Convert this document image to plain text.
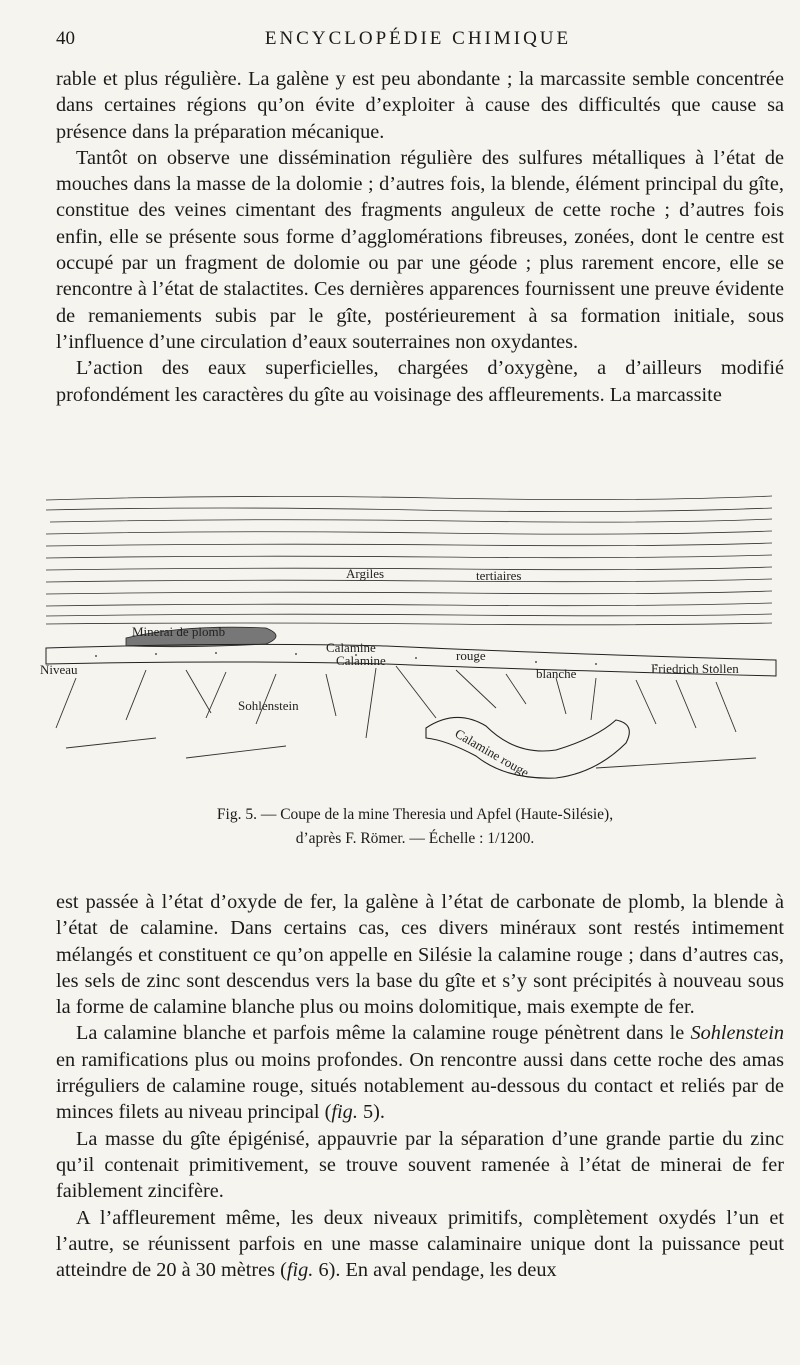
40	ENCYCLOPÉDIE CHIMIQUE

rable et plus régulière. La galène y est peu abondante ; la marcassite semble concentrée dans certaines régions qu’on évite d’exploiter à cause des difficultés que cause sa présence dans la préparation mécanique.

Tantôt on observe une dissémination régulière des sulfures métalliques à l’état de mouches dans la masse de la dolomie ; d’autres fois, la blende, élément principal du gîte, constitue des veines cimentant des fragments anguleux de cette roche ; d’autres fois enfin, elle se présente sous forme d’agglomérations fibreuses, zonées, dont le centre est occupé par un fragment de dolomie ou par une géode ; plus rarement encore, elle se rencontre à l’état de stalactites. Ces dernières apparences fournissent une preuve évidente de remaniements subis par le gîte, postérieurement à sa formation initiale, sous l’influence d’une circulation d’eaux souterraines non oxydantes.

L’action des eaux superficielles, chargées d’oxygène, a d’ailleurs modifié profondément les caractères du gîte au voisinage des affleurements. La marcassite

Argiles	tertiaires
Minerai de plomb
Calamine
Calamine	rouge
blanche	Friedrich Stollen
Niveau
Sohlenstein
Calamine rouge
Fig. 5. — Coupe de la mine Theresia und Apfel (Haute-Silésie),
d’après F. Römer. — Échelle : 1/1200.

est passée à l’état d’oxyde de fer, la galène à l’état de carbonate de plomb, la blende à l’état de calamine. Dans certains cas, ces divers minéraux sont restés intimement mélangés et constituent ce qu’on appelle en Silésie la calamine rouge ; dans d’autres cas, les sels de zinc sont descendus vers la base du gîte et s’y sont précipités à nouveau sous la forme de calamine blanche plus ou moins dolomitique, mais exempte de fer.

La calamine blanche et parfois même la calamine rouge pénètrent dans le Sohlenstein en ramifications plus ou moins profondes. On rencontre aussi dans cette roche des amas irréguliers de calamine rouge, situés notablement au-dessous du contact et reliés par de minces filets au niveau principal (fig. 5).

La masse du gîte épigénisé, appauvrie par la séparation d’une grande partie du zinc qu’il contenait primitivement, se trouve souvent ramenée à l’état de minerai de fer faiblement zincifère.

A l’affleurement même, les deux niveaux primitifs, complètement oxydés l’un et l’autre, se réunissent parfois en une masse calaminaire unique dont la puissance peut atteindre de 20 à 30 mètres (fig. 6). En aval pendage, les deux
